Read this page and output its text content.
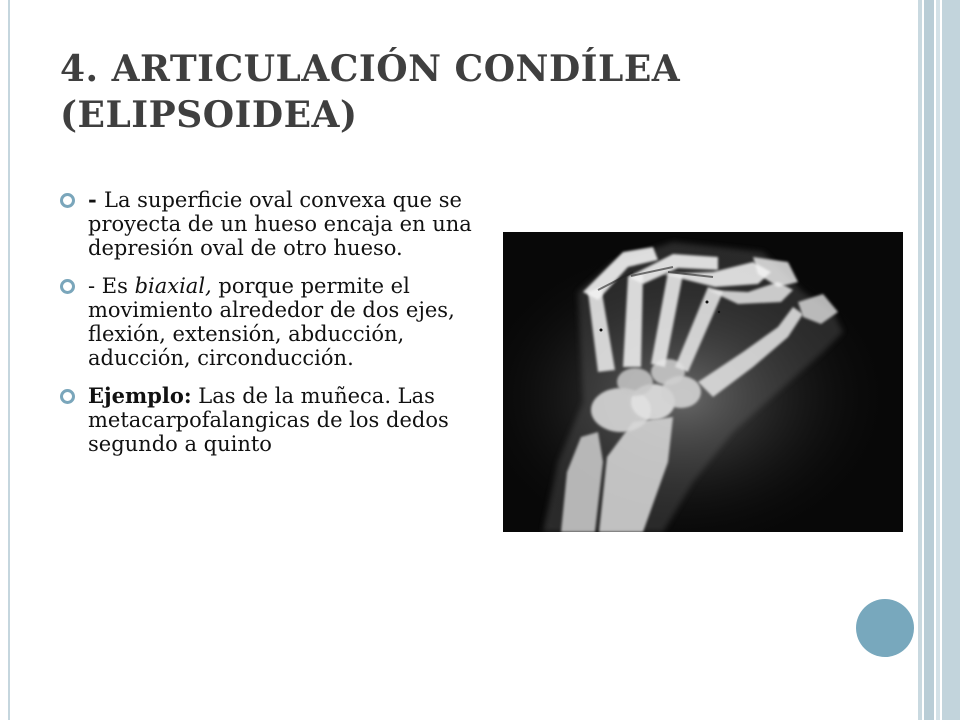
4. ARTICULACIÓN CONDÍLEA (ELIPSOIDEA)
- La superficie oval convexa que se proyecta de un hueso encaja en una depresión oval de otro hueso.
- Es biaxial, porque permite el movimiento alrededor de dos ejes, flexión, extensión, abducción, aducción, circonducción.
Ejemplo: Las de la muñeca. Las metacarpofalangicas de los dedos segundo a quinto
